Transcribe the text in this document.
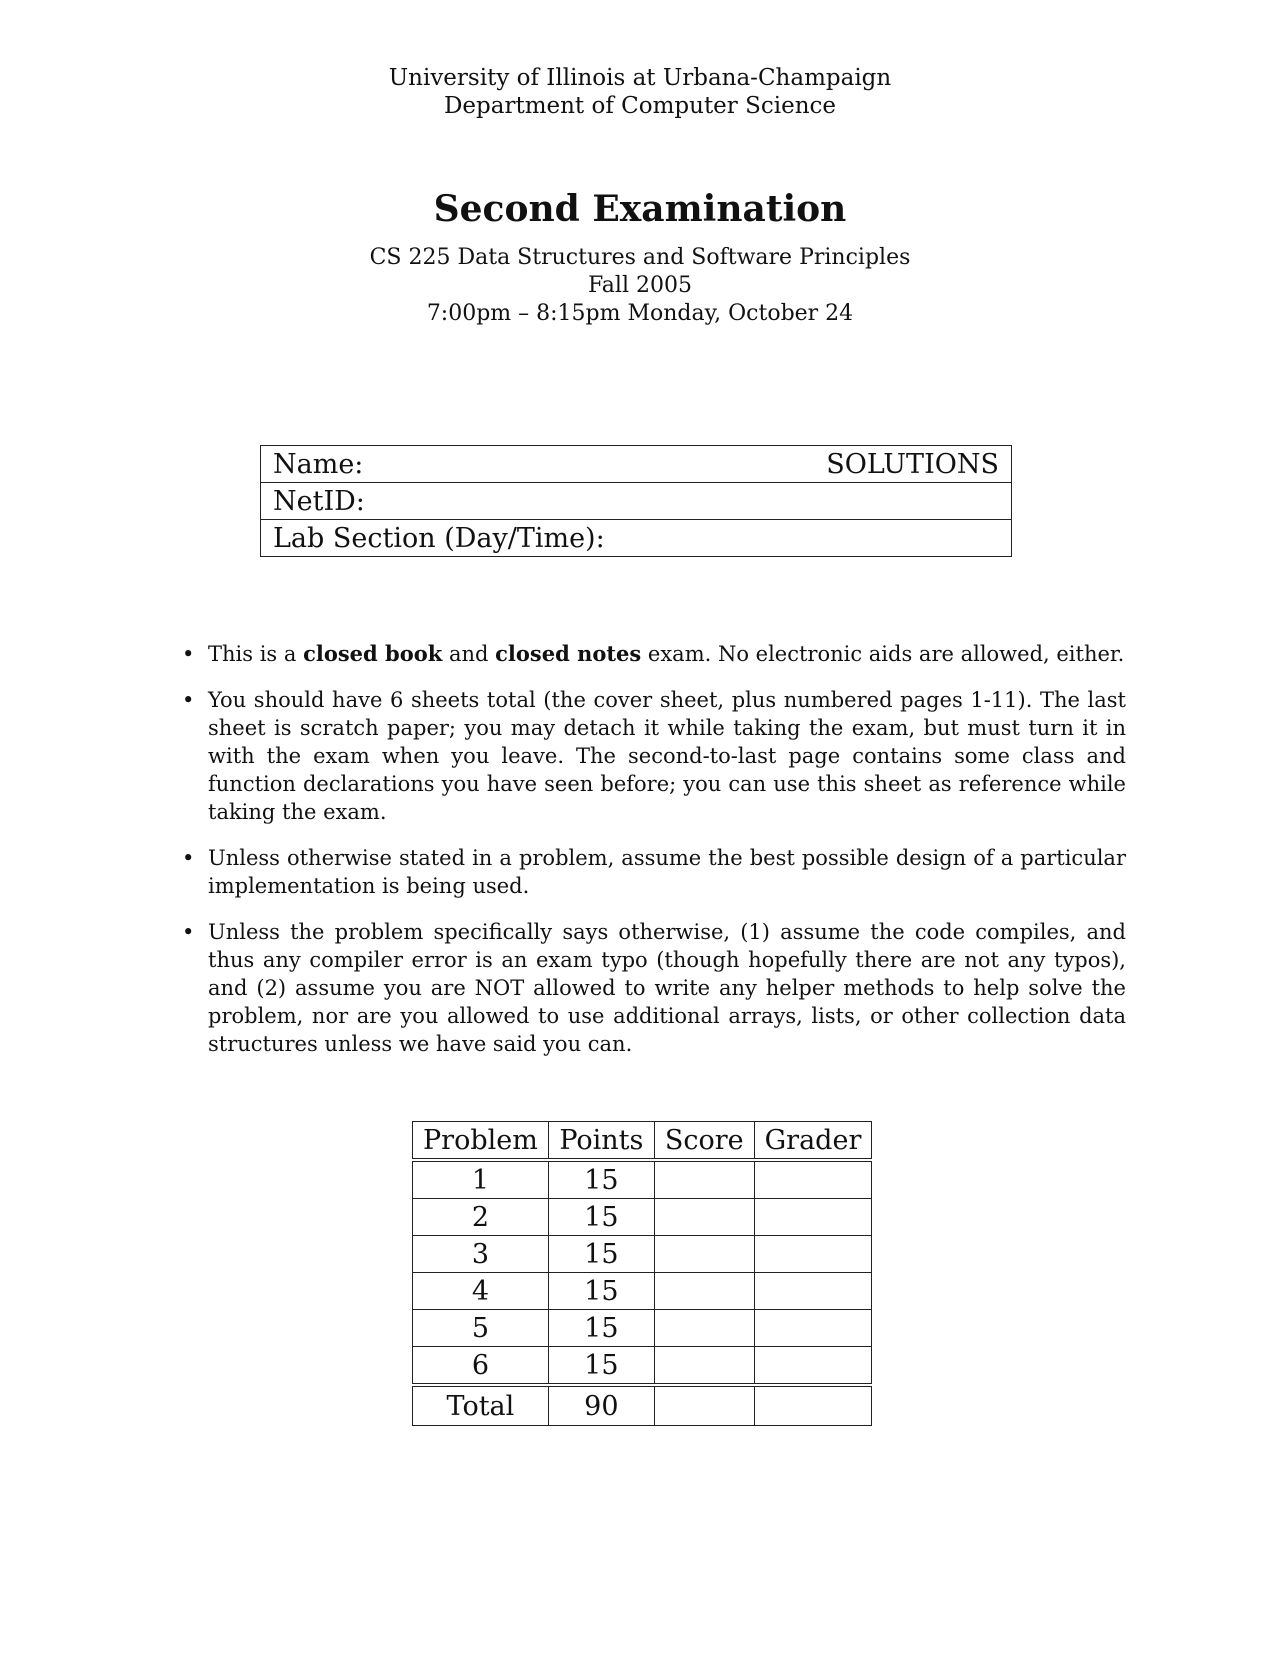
University of Illinois at Urbana-Champaign
Department of Computer Science
Second Examination
CS 225 Data Structures and Software Principles
Fall 2005
7:00pm – 8:15pm Monday, October 24
Name:	SOLUTIONS

NetID:
Lab Section (Day/Time):
• This is a closed book and closed notes exam. No electronic aids are allowed, either.
• You should have 6 sheets total (the cover sheet, plus numbered pages 1-11). The last sheet is scratch paper; you may detach it while taking the exam, but must turn it in with the exam when you leave. The second-to-last page contains some class and function declarations you have seen before; you can use this sheet as reference while taking the exam.
• Unless otherwise stated in a problem, assume the best possible design of a particular implementation is being used.
• Unless the problem specifically says otherwise, (1) assume the code compiles, and thus any compiler error is an exam typo (though hopefully there are not any typos), and (2) assume you are NOT allowed to write any helper methods to help solve the problem, nor are you allowed to use additional arrays, lists, or other collection data structures unless we have said you can.
Problem	Points	Score	Grader
1	15		
2	15		
3	15		
4	15		
5	15		
6	15		
Total	90		
